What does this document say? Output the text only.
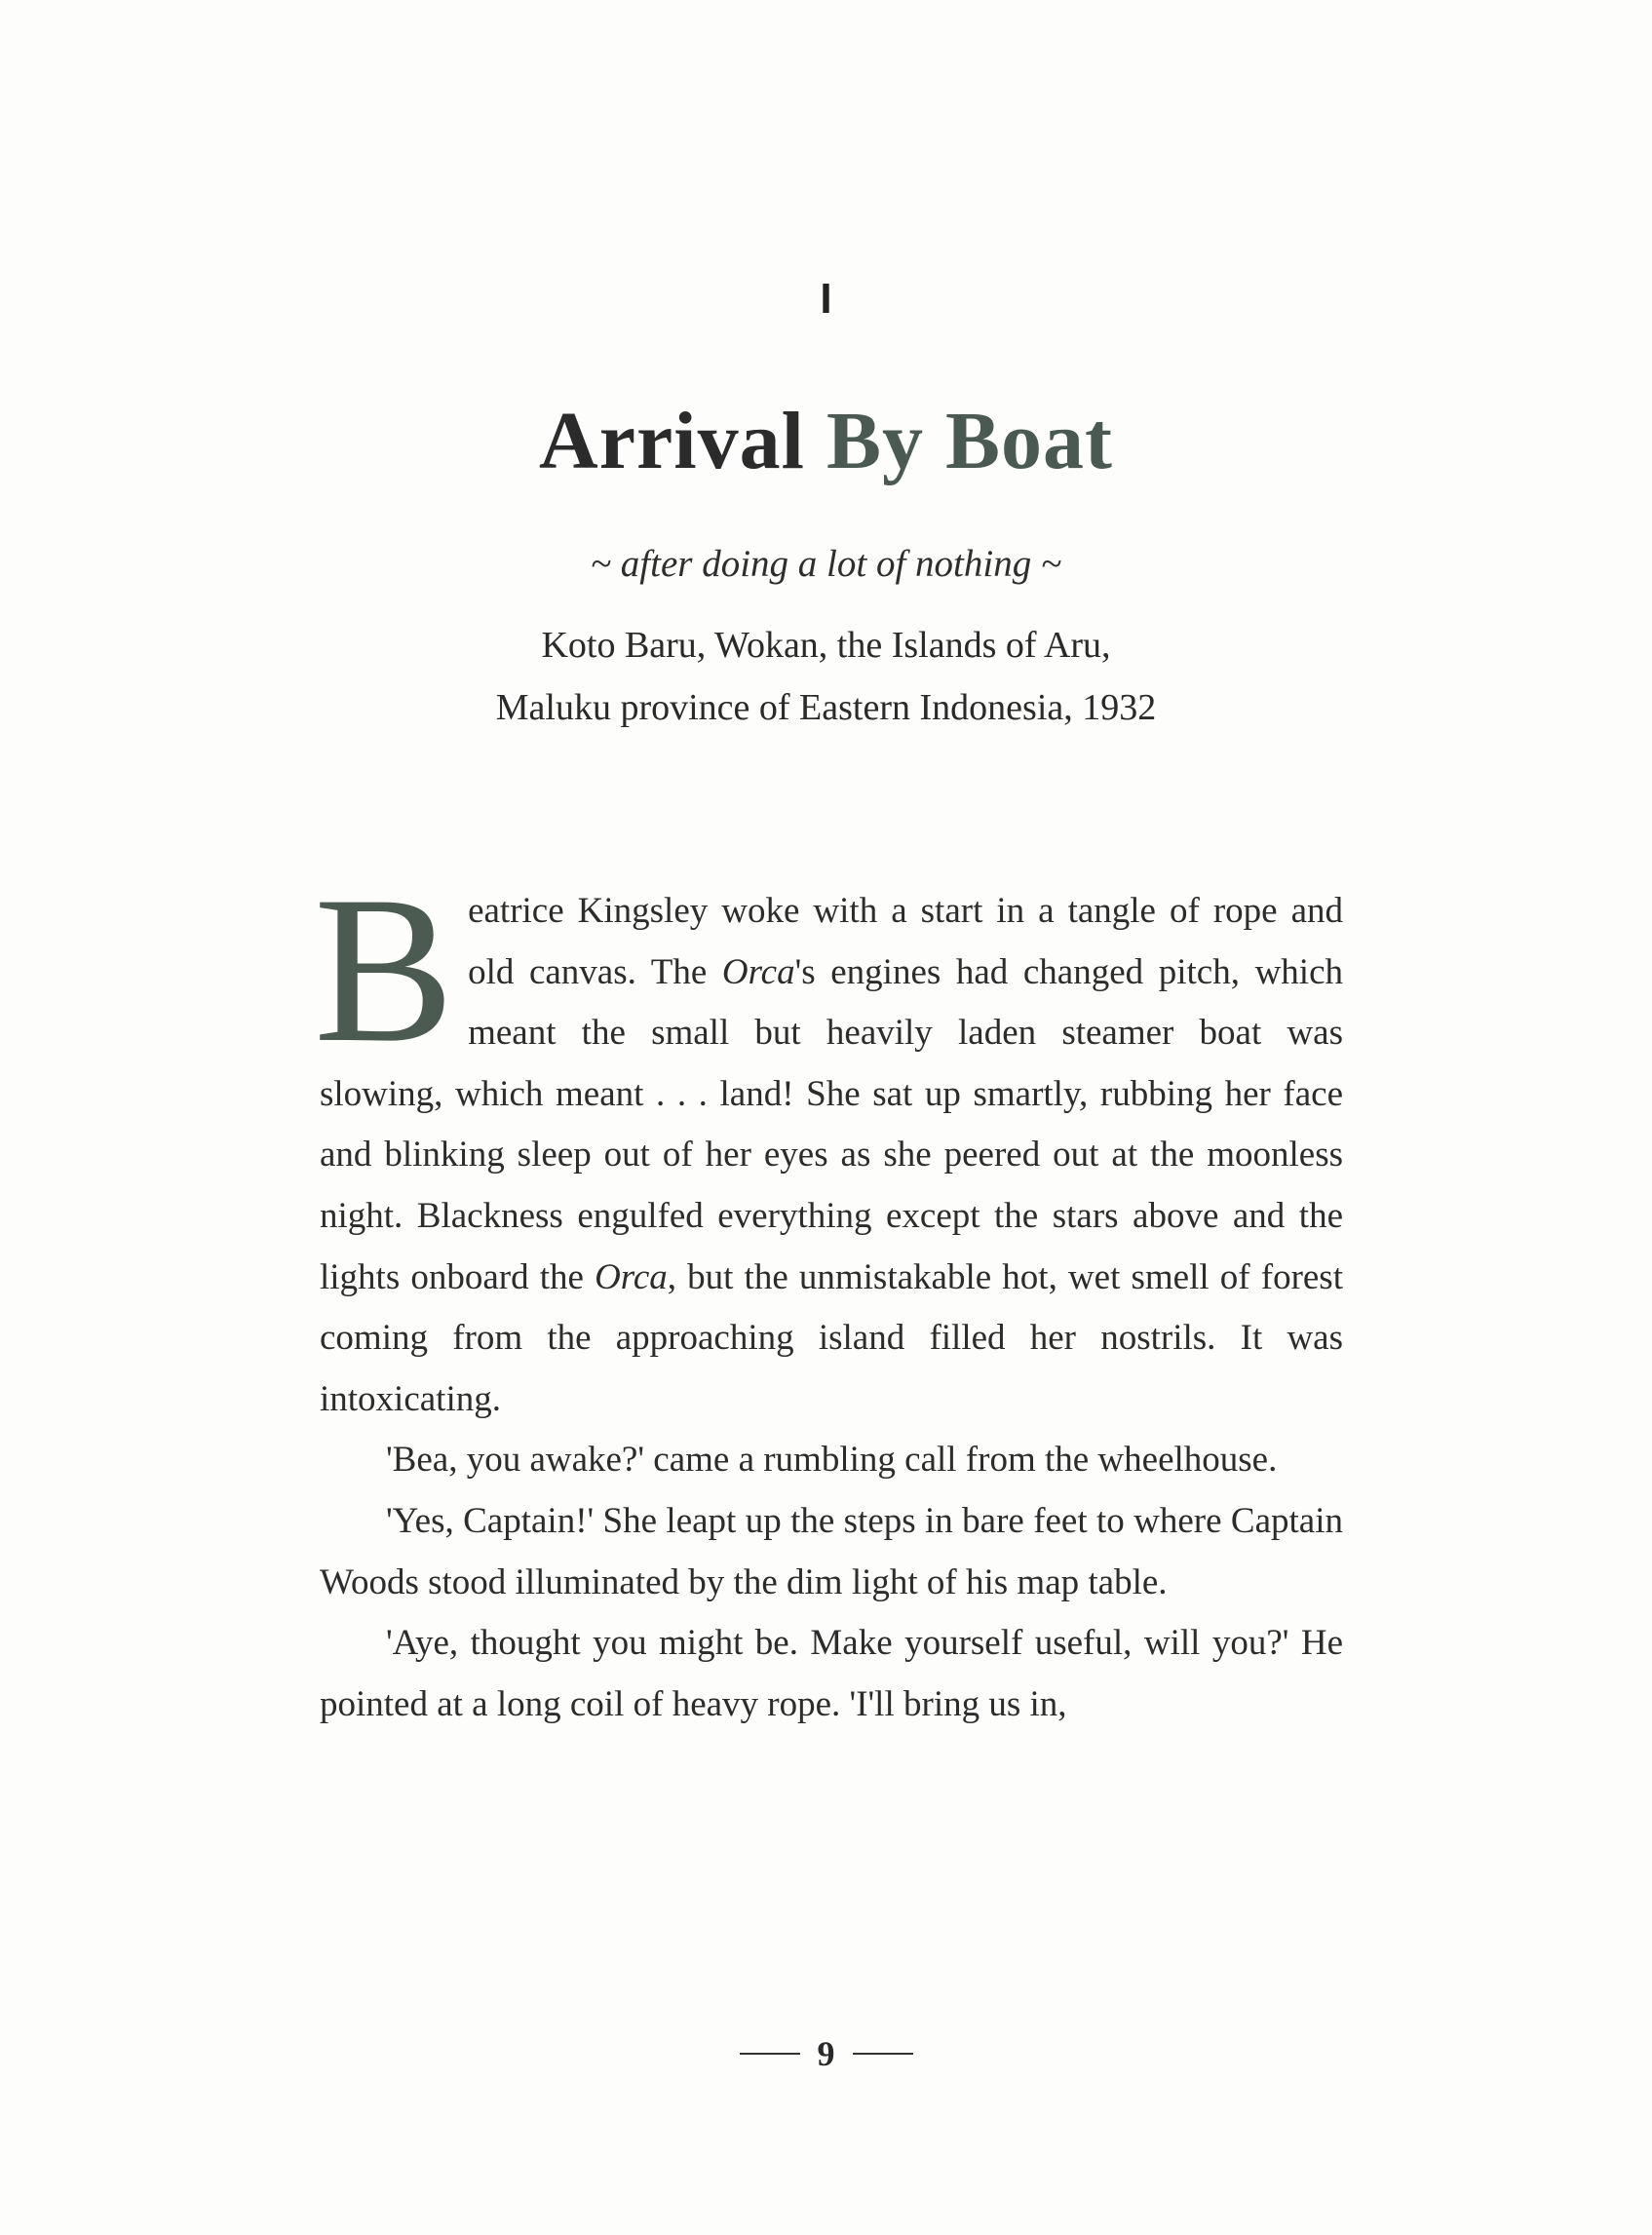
I
Arrival By Boat
~ after doing a lot of nothing ~
Koto Baru, Wokan, the Islands of Aru,
Maluku province of Eastern Indonesia, 1932

Beatrice Kingsley woke with a start in a tangle of rope and old canvas. The Orca's engines had changed pitch, which meant the small but heavily laden steamer boat was slowing, which meant . . . land! She sat up smartly, rubbing her face and blinking sleep out of her eyes as she peered out at the moonless night. Blackness engulfed everything except the stars above and the lights onboard the Orca, but the unmistakable hot, wet smell of forest coming from the approaching island filled her nostrils. It was intoxicating.

'Bea, you awake?' came a rumbling call from the wheelhouse.

'Yes, Captain!' She leapt up the steps in bare feet to where Captain Woods stood illuminated by the dim light of his map table.

'Aye, thought you might be. Make yourself useful, will you?' He pointed at a long coil of heavy rope. 'I'll bring us in,

9
